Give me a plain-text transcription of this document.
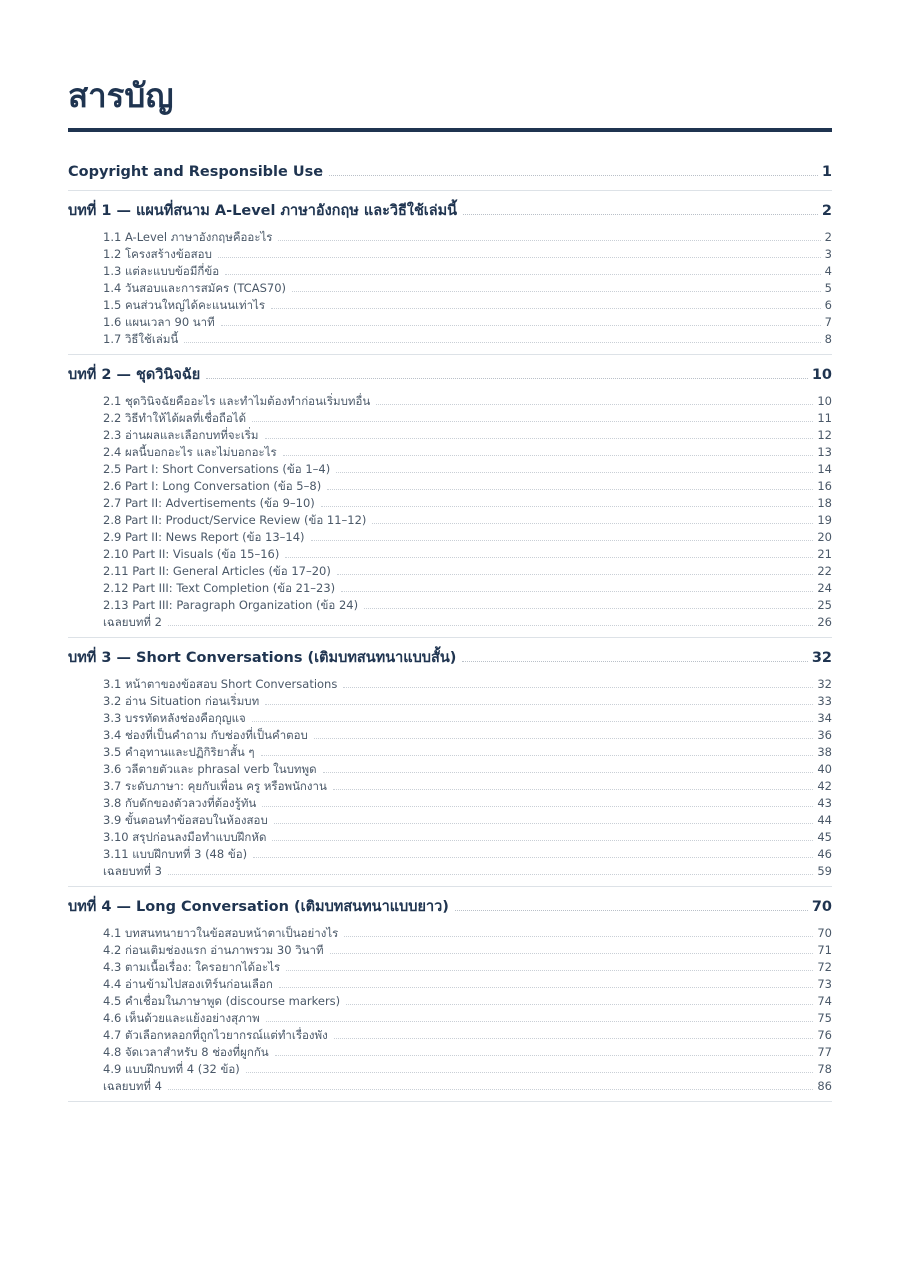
สารบัญ
Copyright and Responsible Use	1
บทที่ 1 — แผนที่สนาม A-Level ภาษาอังกฤษ และวิธีใช้เล่มนี้	2
1.1 A-Level ภาษาอังกฤษคืออะไร	2
1.2 โครงสร้างข้อสอบ	3
1.3 แต่ละแบบข้อมีกี่ข้อ	4
1.4 วันสอบและการสมัคร (TCAS70)	5
1.5 คนส่วนใหญ่ได้คะแนนเท่าไร	6
1.6 แผนเวลา 90 นาที	7
1.7 วิธีใช้เล่มนี้	8
บทที่ 2 — ชุดวินิจฉัย	10
2.1 ชุดวินิจฉัยคืออะไร และทำไมต้องทำก่อนเริ่มบทอื่น	10
2.2 วิธีทำให้ได้ผลที่เชื่อถือได้	11
2.3 อ่านผลและเลือกบทที่จะเริ่ม	12
2.4 ผลนี้บอกอะไร และไม่บอกอะไร	13
2.5 Part I: Short Conversations (ข้อ 1–4)	14
2.6 Part I: Long Conversation (ข้อ 5–8)	16
2.7 Part II: Advertisements (ข้อ 9–10)	18
2.8 Part II: Product/Service Review (ข้อ 11–12)	19
2.9 Part II: News Report (ข้อ 13–14)	20
2.10 Part II: Visuals (ข้อ 15–16)	21
2.11 Part II: General Articles (ข้อ 17–20)	22
2.12 Part III: Text Completion (ข้อ 21–23)	24
2.13 Part III: Paragraph Organization (ข้อ 24)	25
เฉลยบทที่ 2	26
บทที่ 3 — Short Conversations (เติมบทสนทนาแบบสั้น)	32
3.1 หน้าตาของข้อสอบ Short Conversations	32
3.2 อ่าน Situation ก่อนเริ่มบท	33
3.3 บรรทัดหลังช่องคือกุญแจ	34
3.4 ช่องที่เป็นคำถาม กับช่องที่เป็นคำตอบ	36
3.5 คำอุทานและปฏิกิริยาสั้น ๆ	38
3.6 วลีตายตัวและ phrasal verb ในบทพูด	40
3.7 ระดับภาษา: คุยกับเพื่อน ครู หรือพนักงาน	42
3.8 กับดักของตัวลวงที่ต้องรู้ทัน	43
3.9 ขั้นตอนทำข้อสอบในห้องสอบ	44
3.10 สรุปก่อนลงมือทำแบบฝึกหัด	45
3.11 แบบฝึกบทที่ 3 (48 ข้อ)	46
เฉลยบทที่ 3	59
บทที่ 4 — Long Conversation (เติมบทสนทนาแบบยาว)	70
4.1 บทสนทนายาวในข้อสอบหน้าตาเป็นอย่างไร	70
4.2 ก่อนเติมช่องแรก อ่านภาพรวม 30 วินาที	71
4.3 ตามเนื้อเรื่อง: ใครอยากได้อะไร	72
4.4 อ่านข้ามไปสองเทิร์นก่อนเลือก	73
4.5 คำเชื่อมในภาษาพูด (discourse markers)	74
4.6 เห็นด้วยและแย้งอย่างสุภาพ	75
4.7 ตัวเลือกหลอกที่ถูกไวยากรณ์แต่ทำเรื่องพัง	76
4.8 จัดเวลาสำหรับ 8 ช่องที่ผูกกัน	77
4.9 แบบฝึกบทที่ 4 (32 ข้อ)	78
เฉลยบทที่ 4	86
